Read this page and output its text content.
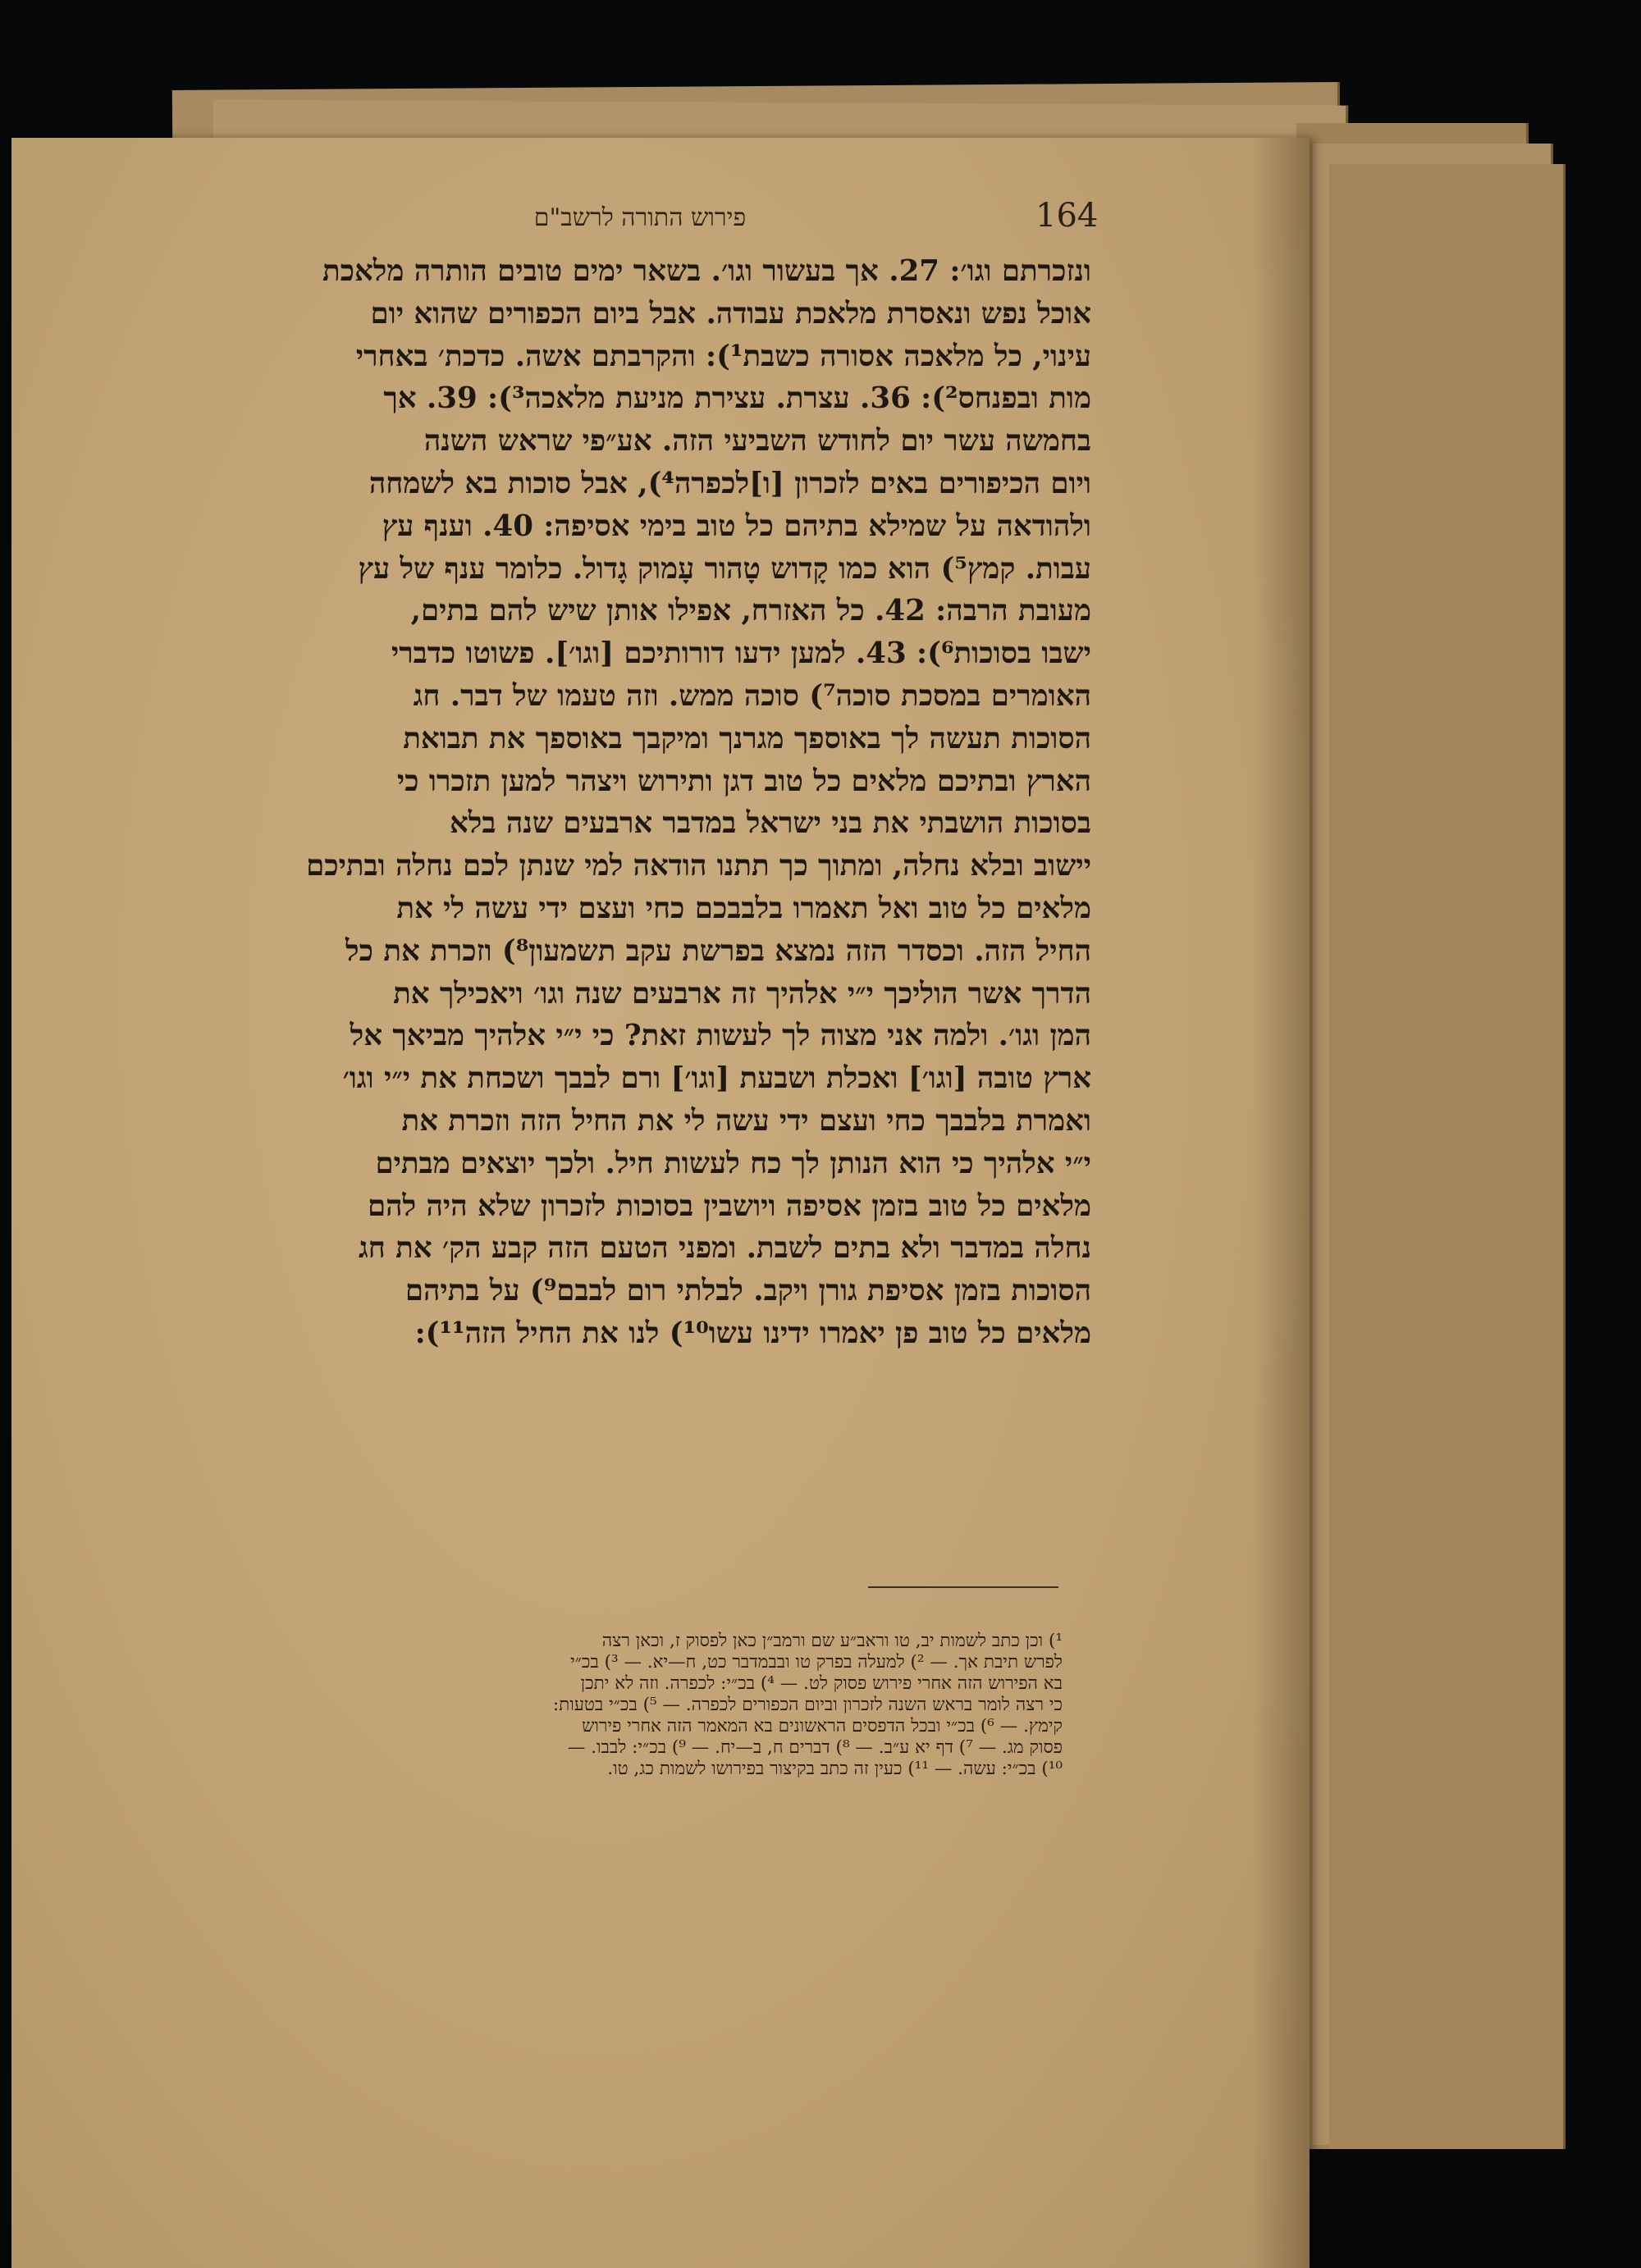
פירוש התורה לרשב"ם	164
ונזכרתם וגו׳: 27. אך בעשור וגו׳. בשאר ימים טובים הותרה מלאכת
אוכל נפש ונאסרת מלאכת עבודה. אבל ביום הכפורים שהוא יום
עינוי, כל מלאכה אסורה כשבת¹): והקרבתם אשה. כדכת׳ באחרי
מות ובפנחס²): 36. עצרת. עצירת מניעת מלאכה³): 39. אך
בחמשה עשר יום לחודש השביעי הזה. אע״פי שראש השנה
ויום הכיפורים באים לזכרון [ו]לכפרה⁴), אבל סוכות בא לשמחה
ולהודאה על שמילא בתיהם כל טוב בימי אסיפה: 40. וענף עץ
עבות. קמץ⁵) הוא כמו קָדוש טָהור עָמוק גָדול. כלומר ענף של עץ
מעובת הרבה: 42. כל האזרח, אפילו אותן שיש להם בתים,
ישבו בסוכות⁶): 43. למען ידעו דורותיכם [וגו׳]. פשוטו כדברי
האומרים במסכת סוכה⁷) סוכה ממש. וזה טעמו של דבר. חג
הסוכות תעשה לך באוספך מגרנך ומיקבך באוספך את תבואת
הארץ ובתיכם מלאים כל טוב דגן ותירוש ויצהר למען תזכרו כי
בסוכות הושבתי את בני ישראל במדבר ארבעים שנה בלא
יישוב ובלא נחלה, ומתוך כך תתנו הודאה למי שנתן לכם נחלה ובתיכם
מלאים כל טוב ואל תאמרו בלבבכם כחי ועצם ידי עשה לי את
החיל הזה. וכסדר הזה נמצא בפרשת עקב תשמעון⁸) וזכרת את כל
הדרך אשר הוליכך י״י אלהיך זה ארבעים שנה וגו׳ ויאכילך את
המן וגו׳. ולמה אני מצוה לך לעשות זאת? כי י״י אלהיך מביאך אל
ארץ טובה [וגו׳] ואכלת ושבעת [וגו׳] ורם לבבך ושכחת את י״י וגו׳
ואמרת בלבבך כחי ועצם ידי עשה לי את החיל הזה וזכרת את
י״י אלהיך כי הוא הנותן לך כח לעשות חיל. ולכך יוצאים מבתים
מלאים כל טוב בזמן אסיפה ויושבין בסוכות לזכרון שלא היה להם
נחלה במדבר ולא בתים לשבת. ומפני הטעם הזה קבע הק׳ את חג
הסוכות בזמן אסיפת גורן ויקב. לבלתי רום לבבם⁹) על בתיהם
מלאים כל טוב פן יאמרו ידינו עשו¹⁰) לנו את החיל הזה¹¹):
¹) וכן כתב לשמות יב, טו וראב״ע שם ורמב״ן כאן לפסוק ז, וכאן רצה
לפרש תיבת אך. — ²) למעלה בפרק טו ובבמדבר כט, ח—יא. — ³) בכ״י
בא הפירוש הזה אחרי פירוש פסוק לט. — ⁴) בכ״י: לכפרה. וזה לא יתכן
כי רצה לומר בראש השנה לזכרון וביום הכפורים לכפרה. — ⁵) בכ״י בטעות:
קימץ. — ⁶) בכ״י ובכל הדפסים הראשונים בא המאמר הזה אחרי פירוש
פסוק מג. — ⁷) דף יא ע״ב. — ⁸) דברים ח, ב—יח. — ⁹) בכ״י: לבבו. —
¹⁰) בכ״י: עשה. — ¹¹) כעין זה כתב בקיצור בפירושו לשמות כג, טו.
